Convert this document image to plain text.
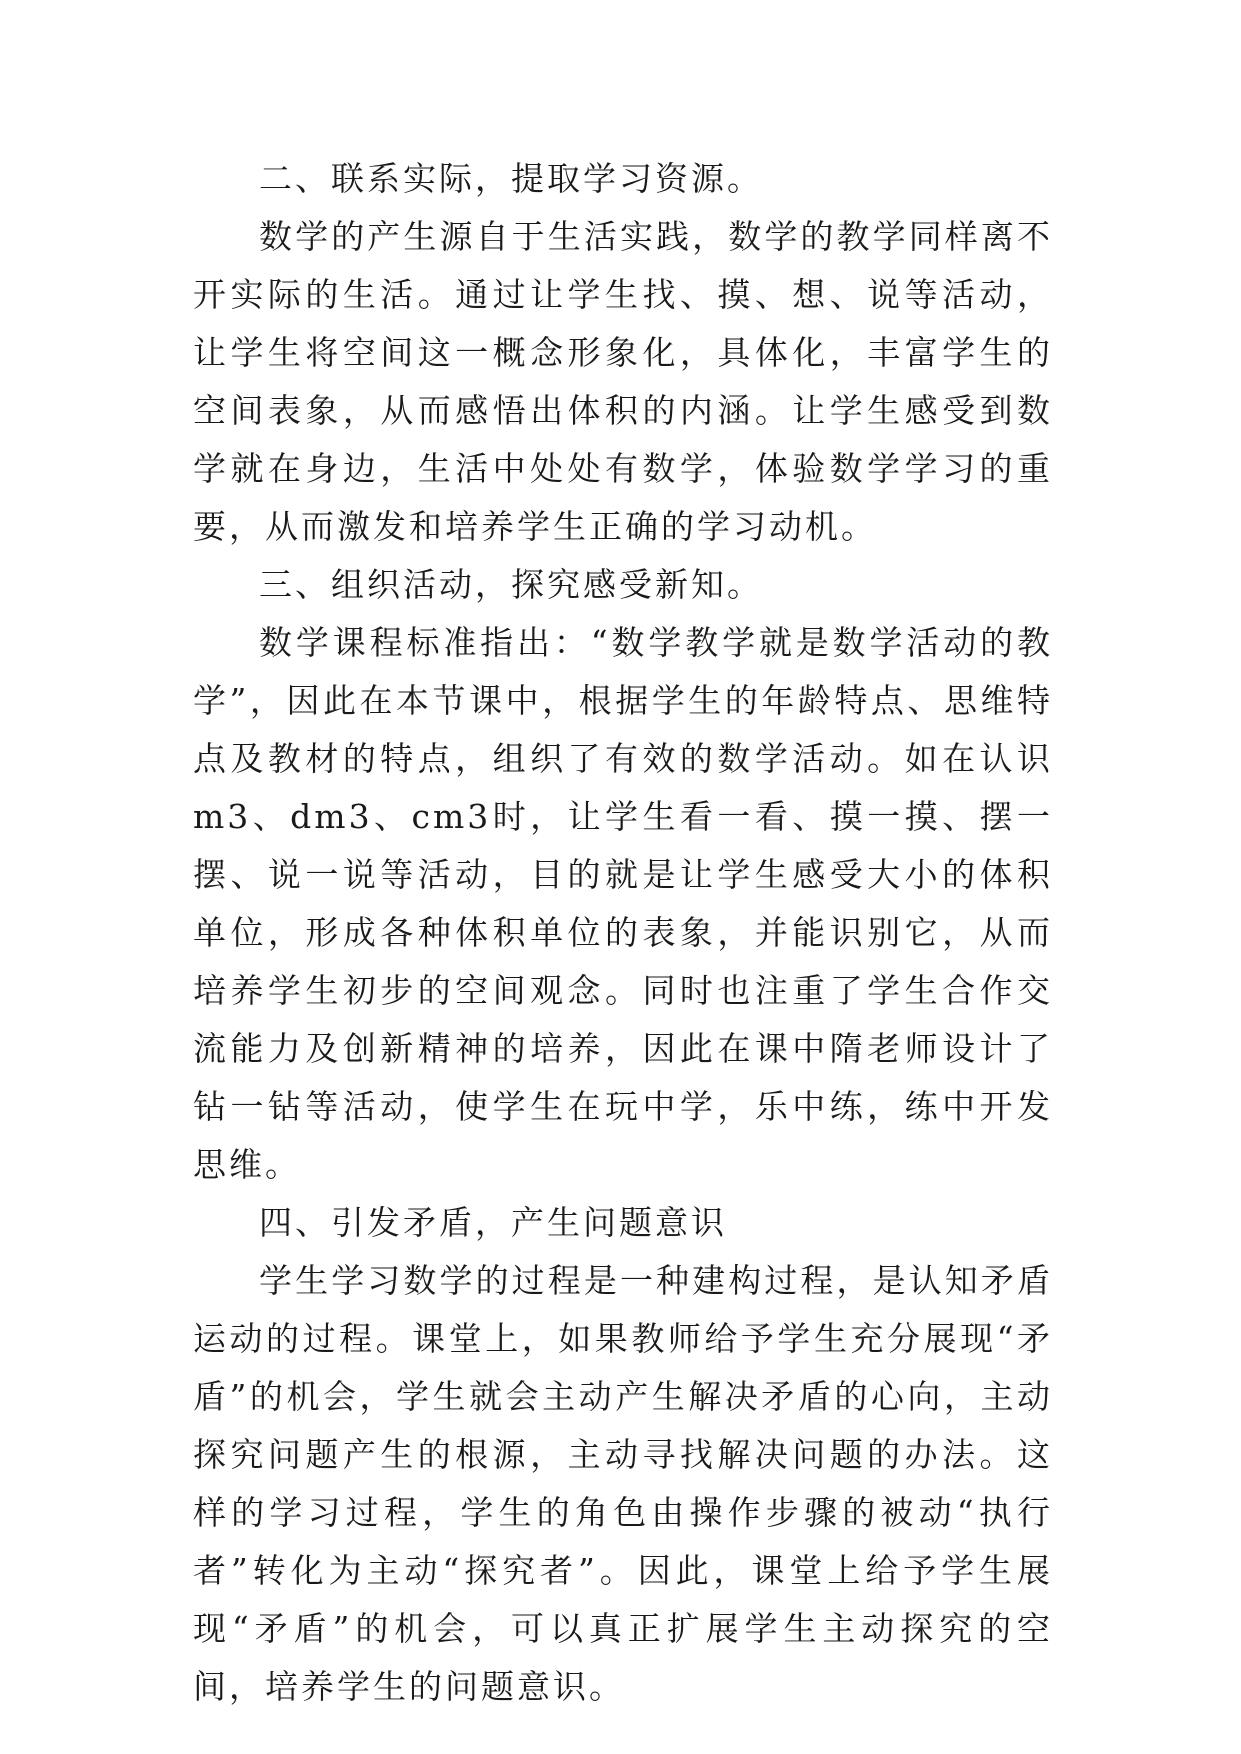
二、联系实际，提取学习资源。

数学的产生源自于生活实践，数学的教学同样离不开实际的生活。通过让学生找、摸、想、说等活动，让学生将空间这一概念形象化，具体化，丰富学生的空间表象，从而感悟出体积的内涵。让学生感受到数学就在身边，生活中处处有数学，体验数学学习的重要，从而激发和培养学生正确的学习动机。

三、组织活动，探究感受新知。

数学课程标准指出：“数学教学就是数学活动的教学”，因此在本节课中，根据学生的年龄特点、思维特点及教材的特点，组织了有效的数学活动。如在认识m3、dm3、cm3时，让学生看一看、摸一摸、摆一摆、说一说等活动，目的就是让学生感受大小的体积单位，形成各种体积单位的表象，并能识别它，从而培养学生初步的空间观念。同时也注重了学生合作交流能力及创新精神的培养，因此在课中隋老师设计了钻一钻等活动，使学生在玩中学，乐中练，练中开发思维。

四、引发矛盾，产生问题意识

学生学习数学的过程是一种建构过程，是认知矛盾运动的过程。课堂上，如果教师给予学生充分展现“矛盾”的机会，学生就会主动产生解决矛盾的心向，主动探究问题产生的根源，主动寻找解决问题的办法。这样的学习过程，学生的角色由操作步骤的被动“执行者”转化为主动“探究者”。因此，课堂上给予学生展现“矛盾”的机会，可以真正扩展学生主动探究的空间，培养学生的问题意识。
